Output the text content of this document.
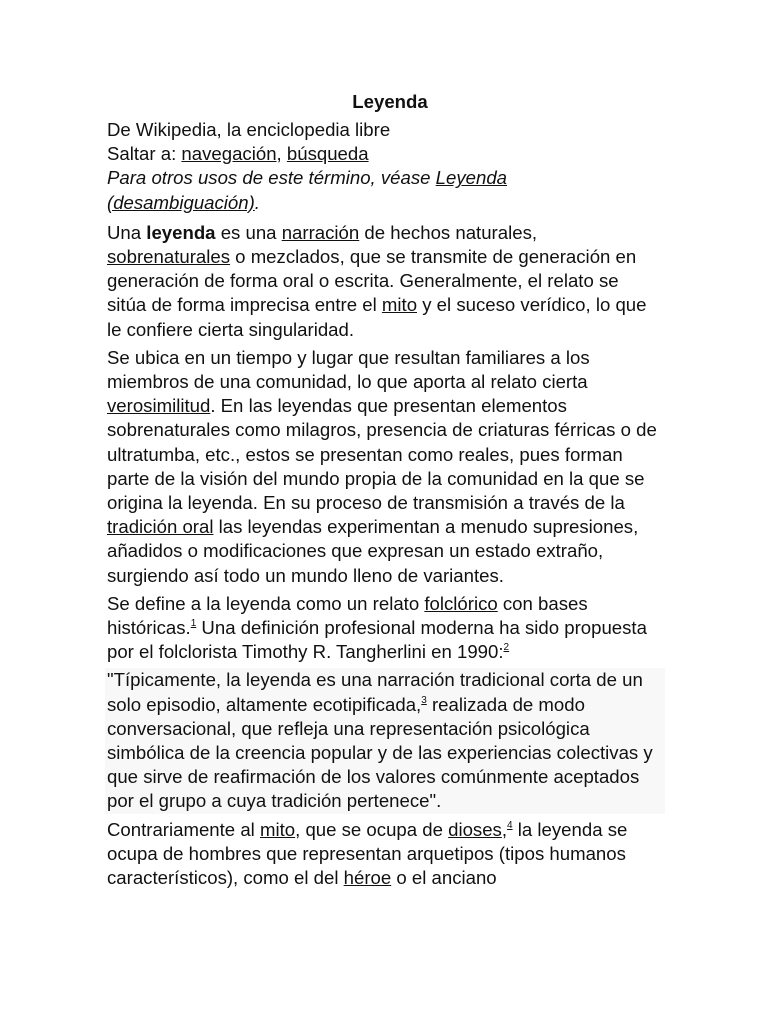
Leyenda

De Wikipedia, la enciclopedia libre

Saltar a: navegación, búsqueda

Para otros usos de este término, véase Leyenda (desambiguación).

Una leyenda es una narración de hechos naturales, sobrenaturales o mezclados, que se transmite de generación en generación de forma oral o escrita. Generalmente, el relato se sitúa de forma imprecisa entre el mito y el suceso verídico, lo que le confiere cierta singularidad.

Se ubica en un tiempo y lugar que resultan familiares a los miembros de una comunidad, lo que aporta al relato cierta verosimilitud. En las leyendas que presentan elementos sobrenaturales como milagros, presencia de criaturas férricas o de ultratumba, etc., estos se presentan como reales, pues forman parte de la visión del mundo propia de la comunidad en la que se origina la leyenda. En su proceso de transmisión a través de la tradición oral las leyendas experimentan a menudo supresiones, añadidos o modificaciones que expresan un estado extraño, surgiendo así todo un mundo lleno de variantes.

Se define a la leyenda como un relato folclórico con bases históricas.$^1$ Una definición profesional moderna ha sido propuesta por el folclorista Timothy R. Tangherlini en 1990:$^2$

"Típicamente, la leyenda es una narración tradicional corta de un solo episodio, altamente ecotipificada,$^3$ realizada de modo conversacional, que refleja una representación psicológica simbólica de la creencia popular y de las experiencias colectivas y que sirve de reafirmación de los valores comúnmente aceptados por el grupo a cuya tradición pertenece".

Contrariamente al mito, que se ocupa de dioses,$^4$ la leyenda se ocupa de hombres que representan arquetipos (tipos humanos característicos), como el del héroe o el anciano
